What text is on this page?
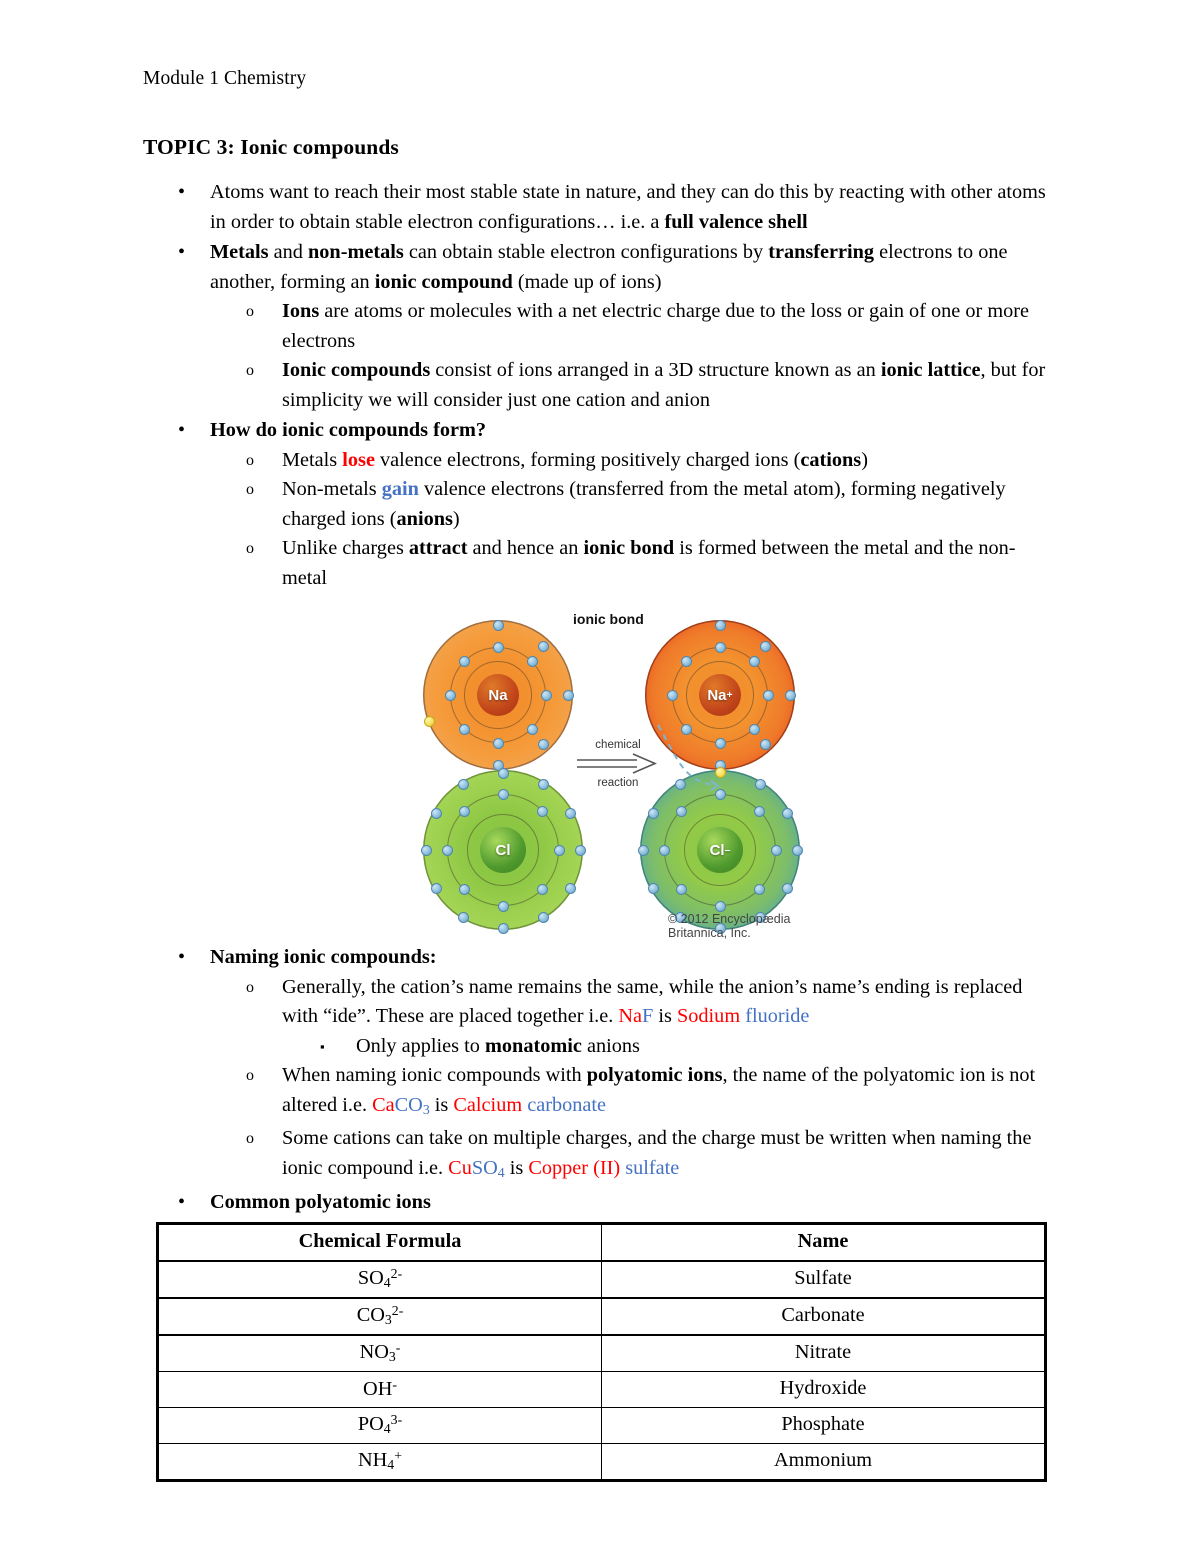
Module 1 Chemistry
TOPIC 3: Ionic compounds
• Atoms want to reach their most stable state in nature, and they can do this by reacting with other atoms in order to obtain stable electron configurations… i.e. a full valence shell
• Metals and non-metals can obtain stable electron configurations by transferring electrons to one another, forming an ionic compound (made up of ions)
o Ions are atoms or molecules with a net electric charge due to the loss or gain of one or more electrons
o Ionic compounds consist of ions arranged in a 3D structure known as an ionic lattice, but for simplicity we will consider just one cation and anion
• How do ionic compounds form?
o Metals lose valence electrons, forming positively charged ions (cations)
o Non-metals gain valence electrons (transferred from the metal atom), forming negatively charged ions (anions)
o Unlike charges attract and hence an ionic bond is formed between the metal and the non-metal
ionic bond
Na	Na +
Cl	Cl –
chemical
reaction
© 2012 Encyclopædia Britannica, Inc.
• Naming ionic compounds:
o Generally, the cation’s name remains the same, while the anion’s name’s ending is replaced with “ide”. These are placed together i.e. NaF is Sodium fluoride
▪ Only applies to monatomic anions
o When naming ionic compounds with polyatomic ions, the name of the polyatomic ion is not altered i.e. CaCO$_3$ is Calcium carbonate
o Some cations can take on multiple charges, and the charge must be written when naming the ionic compound i.e. CuSO$_4$ is Copper (II) sulfate
• Common polyatomic ions
Chemical Formula	Name
$SO_4^{2-}$	Sulfate
$CO_3^{2-}$	Carbonate
$NO_3^-$	Nitrate
OH-	Hydroxide
$PO_4^{3-}$	Phosphate
$NH_4^+$	Ammonium
